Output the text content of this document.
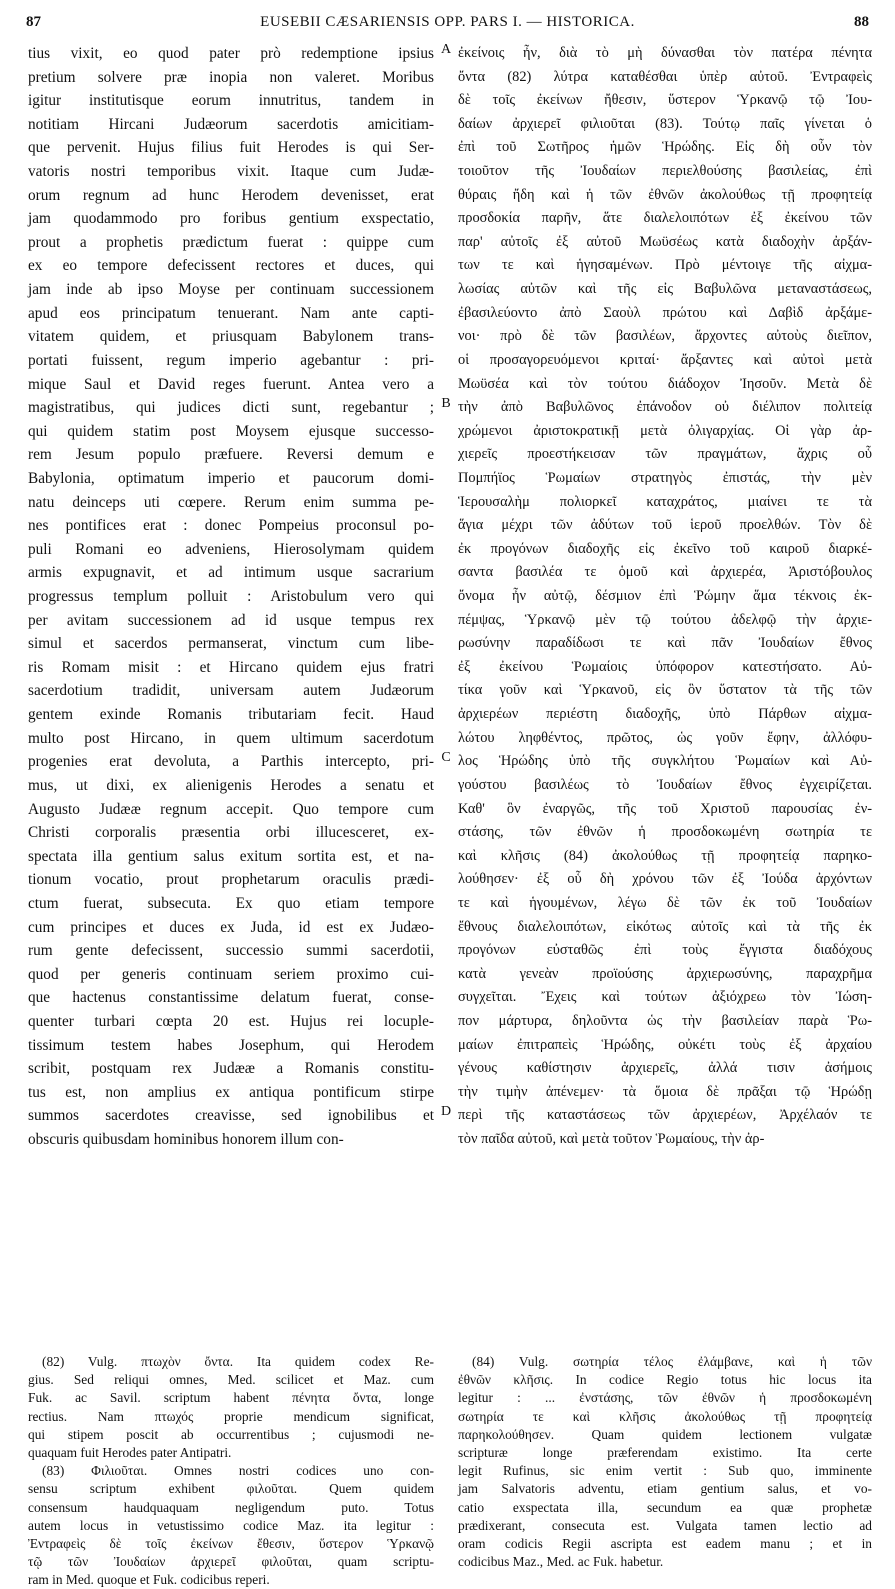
87	EUSEBII CÆSARIENSIS OPP. PARS I. — HISTORICA.	88
tius vixit, eo quod pater prò redemptione ipsius
pretium solvere præ inopia non valeret. Moribus
igitur institutisque eorum innutritus, tandem in
notitiam Hircani Judæorum sacerdotis amicitiam-
que pervenit. Hujus filius fuit Herodes is qui Ser-
vatoris nostri temporibus vixit. Itaque cum Judæ-
orum regnum ad hunc Herodem devenisset, erat
jam quodammodo pro foribus gentium exspectatio,
prout a prophetis prædictum fuerat : quippe cum
ex eo tempore defecissent rectores et duces, qui
jam inde ab ipso Moyse per continuam successionem
apud eos principatum tenuerant. Nam ante capti-
vitatem quidem, et priusquam Babylonem trans-
portati fuissent, regum imperio agebantur : pri-
mique Saul et David reges fuerunt. Antea vero a
magistratibus, qui judices dicti sunt, regebantur ;
qui quidem statim post Moysem ejusque successo-
rem Jesum populo præfuere. Reversi demum e
Babylonia, optimatum imperio et paucorum domi-
natu deinceps uti cœpere. Rerum enim summa pe-
nes pontifices erat : donec Pompeius proconsul po-
puli Romani eo adveniens, Hierosolymam quidem
armis expugnavit, et ad intimum usque sacrarium
progressus templum polluit : Aristobulum vero qui
per avitam successionem ad id usque tempus rex
simul et sacerdos permanserat, vinctum cum libe-
ris Romam misit : et Hircano quidem ejus fratri
sacerdotium tradidit, universam autem Judæorum
gentem exinde Romanis tributariam fecit. Haud
multo post Hircano, in quem ultimum sacerdotum
progenies erat devoluta, a Parthis intercepto, pri-
mus, ut dixi, ex alienigenis Herodes a senatu et
Augusto Judææ regnum accepit. Quo tempore cum
Christi corporalis præsentia orbi illucesceret, ex-
spectata illa gentium salus exitum sortita est, et na-
tionum vocatio, prout prophetarum oraculis prædi-
ctum fuerat, subsecuta. Ex quo etiam tempore
cum principes et duces ex Juda, id est ex Judæo-
rum gente defecissent, successio summi sacerdotii,
quod per generis continuam seriem proximo cui-
que hactenus constantissime delatum fuerat, conse-
quenter turbari cœpta 20 est. Hujus rei locuple-
tissimum testem habes Josephum, qui Herodem
scribit, postquam rex Judææ a Romanis constitu-
tus est, non amplius ex antiqua pontificum stirpe
summos sacerdotes creavisse, sed ignobilibus et
obscuris quibusdam hominibus honorem illum con-
ἐκείνοις ἦν, διὰ τὸ μὴ δύνασθαι τὸν πατέρα πένητα
ὄντα (82) λύτρα καταθέσθαι ὑπὲρ αὐτοῦ. Ἐντραφεὶς
δὲ τοῖς ἐκείνων ἤθεσιν, ὕστερον Ὑρκανῷ τῷ Ἰου-
δαίων ἀρχιερεῖ φιλιοῦται (83). Τούτῳ παῖς γίνεται ὁ
ἐπὶ τοῦ Σωτῆρος ἡμῶν Ἡρώδης. Εἰς δὴ οὖν τὸν
τοιοῦτον τῆς Ἰουδαίων περιελθούσης βασιλείας, ἐπὶ
θύραις ἤδη καὶ ἡ τῶν ἐθνῶν ἀκολούθως τῇ προφητείᾳ
προσδοκία παρῆν, ἅτε διαλελοιπότων ἐξ ἐκείνου τῶν
παρ' αὐτοῖς ἐξ αὐτοῦ Μωϋσέως κατὰ διαδοχὴν ἀρξάν-
των τε καὶ ἡγησαμένων. Πρὸ μέντοιγε τῆς αἰχμα-
λωσίας αὐτῶν καὶ τῆς εἰς Βαβυλῶνα μεταναστάσεως,
ἐβασιλεύοντο ἀπὸ Σαοὺλ πρώτου καὶ Δαβὶδ ἀρξάμε-
νοι· πρὸ δὲ τῶν βασιλέων, ἄρχοντες αὐτοὺς διεῖπον,
οἱ προσαγορευόμενοι κριταί· ἄρξαντες καὶ αὐτοὶ μετὰ
Μωϋσέα καὶ τὸν τούτου διάδοχον Ἰησοῦν. Μετὰ δὲ
τὴν ἀπὸ Βαβυλῶνος ἐπάνοδον οὐ διέλιπον πολιτείᾳ
χρώμενοι ἀριστοκρατικῇ μετὰ ὀλιγαρχίας. Οἱ γὰρ ἀρ-
χιερεῖς προεστήκεισαν τῶν πραγμάτων, ἄχρις οὗ
Πομπήϊος Ῥωμαίων στρατηγὸς ἐπιστάς, τὴν μὲν
Ἱερουσαλὴμ πολιορκεῖ καταχράτος, μιαίνει τε τὰ
ἅγια μέχρι τῶν ἀδύτων τοῦ ἱεροῦ προελθών. Τὸν δὲ
ἐκ προγόνων διαδοχῆς εἰς ἐκεῖνο τοῦ καιροῦ διαρκέ-
σαντα βασιλέα τε ὁμοῦ καὶ ἀρχιερέα, Ἀριστόβουλος
ὄνομα ἦν αὐτῷ, δέσμιον ἐπὶ Ῥώμην ἅμα τέκνοις ἐκ-
πέμψας, Ὑρκανῷ μὲν τῷ τούτου ἀδελφῷ τὴν ἀρχιε-
ρωσύνην παραδίδωσι τε καὶ πᾶν Ἰουδαίων ἔθνος
ἐξ ἐκείνου Ῥωμαίοις ὑπόφορον κατεστήσατο. Αὐ-
τίκα γοῦν καὶ Ὑρκανοῦ, εἰς ὃν ὕστατον τὰ τῆς τῶν
ἀρχιερέων περιέστη διαδοχῆς, ὑπὸ Πάρθων αἰχμα-
λώτου ληφθέντος, πρῶτος, ὡς γοῦν ἔφην, ἀλλόφυ-
λος Ἡρώδης ὑπὸ τῆς συγκλήτου Ῥωμαίων καὶ Αὐ-
γούστου βασιλέως τὸ Ἰουδαίων ἔθνος ἐγχειρίζεται.
Καθ' ὃν ἐναργῶς, τῆς τοῦ Χριστοῦ παρουσίας ἐν-
στάσης, τῶν ἐθνῶν ἡ προσδοκωμένη σωτηρία τε
καὶ κλῆσις (84) ἀκολούθως τῇ προφητείᾳ παρηκο-
λούθησεν· ἐξ οὗ δὴ χρόνου τῶν ἐξ Ἰούδα ἀρχόντων
τε καὶ ἡγουμένων, λέγω δὲ τῶν ἐκ τοῦ Ἰουδαίων
ἔθνους διαλελοιπότων, εἰκότως αὐτοῖς καὶ τὰ τῆς ἐκ
προγόνων εὐσταθῶς ἐπὶ τοὺς ἔγγιστα διαδόχους
κατὰ γενεὰν προϊούσης ἀρχιερωσύνης, παραχρῆμα
συγχεῖται. Ἔχεις καὶ τούτων ἀξιόχρεω τὸν Ἰώση-
πον μάρτυρα, δηλοῦντα ὡς τὴν βασιλείαν παρὰ Ῥω-
μαίων ἐπιτραπεὶς Ἡρώδης, οὐκέτι τοὺς ἐξ ἀρχαίου
γένους καθίστησιν ἀρχιερεῖς, ἀλλά τισιν ἀσήμοις
τὴν τιμὴν ἀπένεμεν· τὰ ὅμοια δὲ πρᾶξαι τῷ Ἡρώδῃ
περὶ τῆς καταστάσεως τῶν ἀρχιερέων, Ἀρχέλαόν τε
τὸν παῖδα αὐτοῦ, καὶ μετὰ τοῦτον Ῥωμαίους, τὴν ἀρ-
A
B
C
D
(82) Vulg. πτωχὸν ὄντα. Ita quidem codex Re-
gius. Sed reliqui omnes, Med. scilicet et Maz. cum
Fuk. ac Savil. scriptum habent πένητα ὄντα, longe
rectius. Nam πτωχός proprie mendicum significat,
qui stipem poscit ab occurrentibus ; cujusmodi ne-
quaquam fuit Herodes pater Antipatri.
(83) Φιλιοῦται. Omnes nostri codices uno con-
sensu scriptum exhibent φιλοῦται. Quem quidem
consensum haudquaquam negligendum puto. Totus
autem locus in vetustissimo codice Maz. ita legitur :
Ἐντραφεὶς δὲ τοῖς ἐκείνων ἔθεσιν, ὕστερον Ὑρκανῷ
τῷ τῶν Ἰουδαίων ἀρχιερεῖ φιλοῦται, quam scriptu-
ram in Med. quoque et Fuk. codicibus reperi.
(84) Vulg. σωτηρία τέλος ἐλάμβανε, καὶ ἡ τῶν
ἐθνῶν κλῆσις. In codice Regio totus hic locus ita
legitur : ... ἐνστάσης, τῶν ἐθνῶν ἡ προσδοκωμένη
σωτηρία τε καὶ κλῆσις ἀκολούθως τῇ προφητείᾳ
παρηκολούθησεν. Quam quidem lectionem vulgatæ
scripturæ longe præferendam existimo. Ita certe
legit Rufinus, sic enim vertit : Sub quo, imminente
jam Salvatoris adventu, etiam gentium salus, et vo-
catio exspectata illa, secundum ea quæ prophetæ
prædixerant, consecuta est. Vulgata tamen lectio ad
oram codicis Regii ascripta est eadem manu ; et in
codicibus Maz., Med. ac Fuk. habetur.
